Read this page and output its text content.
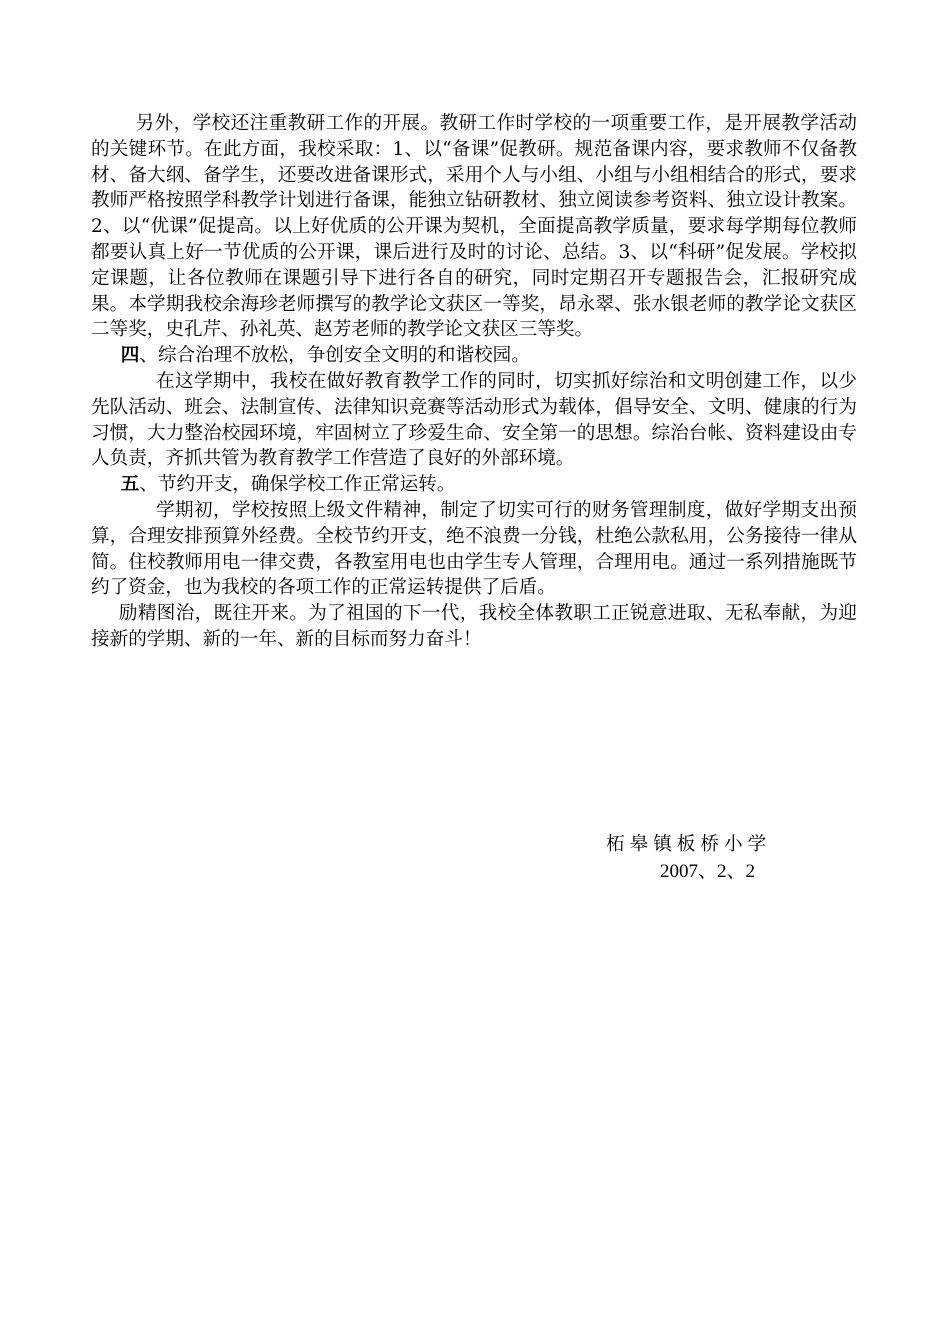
另外，学校还注重教研工作的开展。教研工作时学校的一项重要工作，是开展教学活动的关键环节。在此方面，我校采取：1、以“备课”促教研。规范备课内容，要求教师不仅备教材、备大纲、备学生，还要改进备课形式，采用个人与小组、小组与小组相结合的形式，要求教师严格按照学科教学计划进行备课，能独立钻研教材、独立阅读参考资料、独立设计教案。2、以“优课”促提高。以上好优质的公开课为契机，全面提高教学质量，要求每学期每位教师都要认真上好一节优质的公开课，课后进行及时的讨论、总结。3、以“科研”促发展。学校拟定课题，让各位教师在课题引导下进行各自的研究，同时定期召开专题报告会，汇报研究成果。本学期我校余海珍老师撰写的教学论文获区一等奖，昂永翠、张水银老师的教学论文获区二等奖，史孔芹、孙礼英、赵芳老师的教学论文获区三等奖。

四、综合治理不放松，争创安全文明的和谐校园。

在这学期中，我校在做好教育教学工作的同时，切实抓好综治和文明创建工作，以少先队活动、班会、法制宣传、法律知识竞赛等活动形式为载体，倡导安全、文明、健康的行为习惯，大力整治校园环境，牢固树立了珍爱生命、安全第一的思想。综治台帐、资料建设由专人负责，齐抓共管为教育教学工作营造了良好的外部环境。

五、节约开支，确保学校工作正常运转。

学期初，学校按照上级文件精神，制定了切实可行的财务管理制度，做好学期支出预算，合理安排预算外经费。全校节约开支，绝不浪费一分钱，杜绝公款私用，公务接待一律从简。住校教师用电一律交费，各教室用电也由学生专人管理，合理用电。通过一系列措施既节约了资金，也为我校的各项工作的正常运转提供了后盾。

励精图治，既往开来。为了祖国的下一代，我校全体教职工正锐意进取、无私奉献，为迎接新的学期、新的一年、新的目标而努力奋斗！

柘皋镇板桥小学
2007、2、2
